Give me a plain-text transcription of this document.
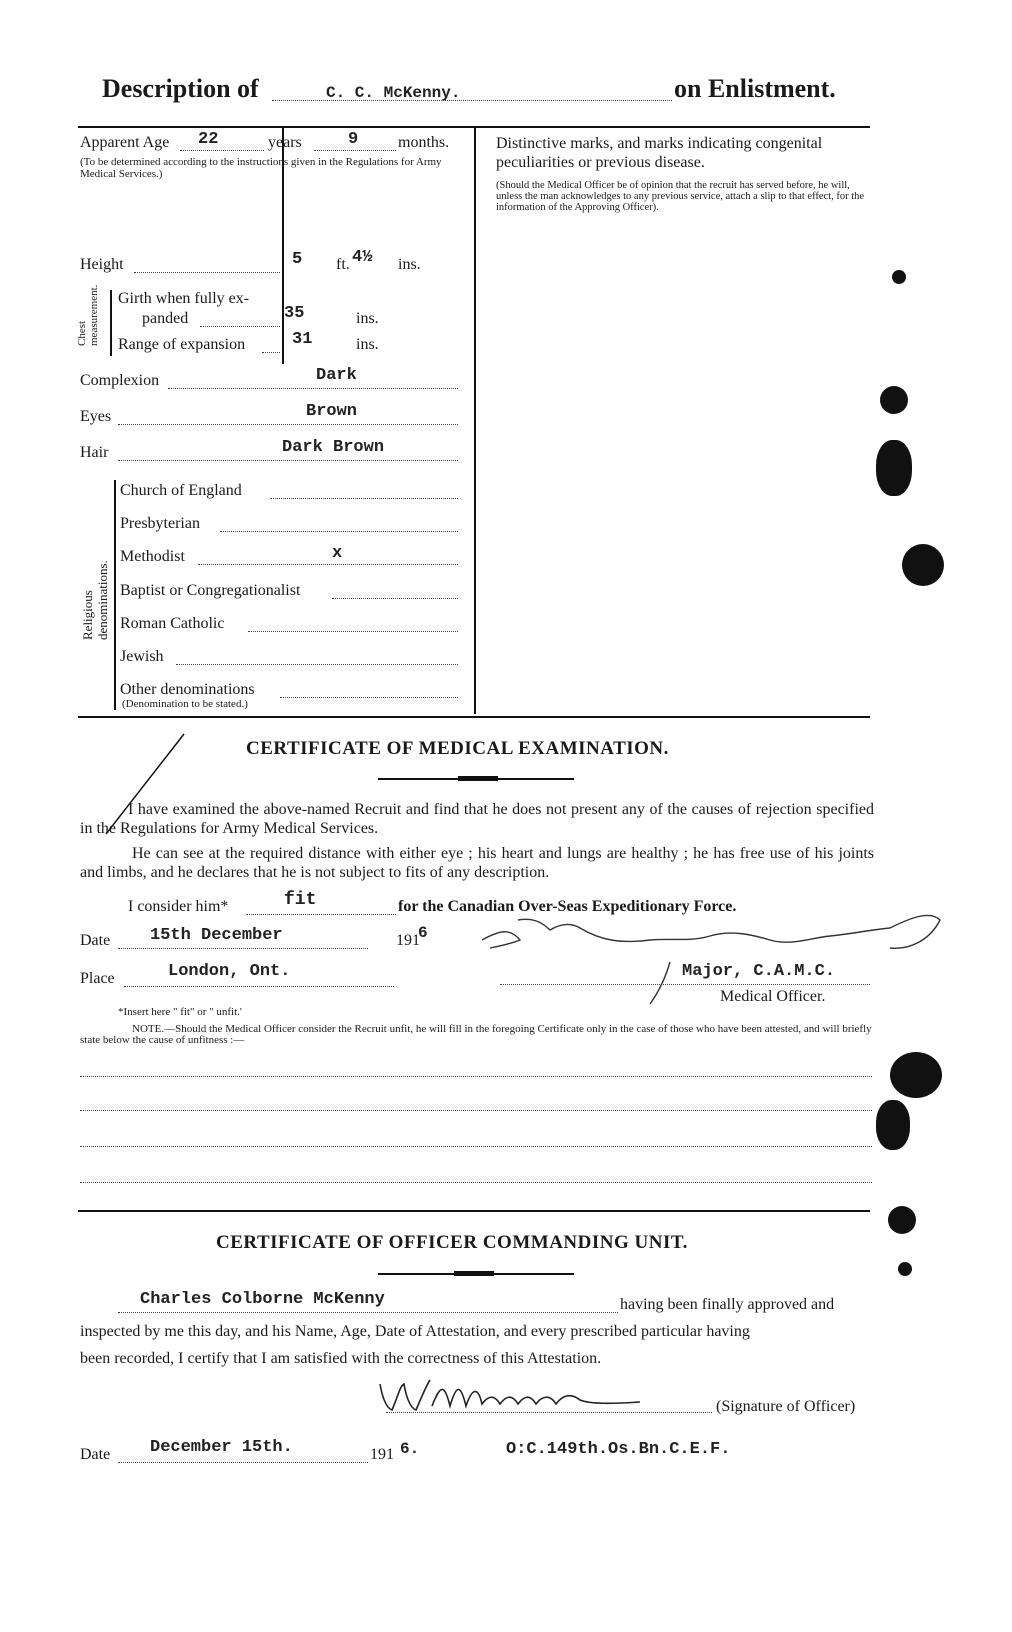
Description of	C. C. McKenny.	on Enlistment.
Apparent Age 22	years	9 months.
(To be determined according to the instructions given in the Regulations for Army Medical Services.)
Height	5 ft. 4½ ins.
Chest measurement. Girth when fully ex-
panded	35	ins.
Range of expansion	31	ins.
Complexion	Dark
Eyes	Brown
Hair	Dark Brown
Religious denominations.
Church of England
Presbyterian
Methodist	x
Baptist or Congregationalist
Roman Catholic
Jewish
Other denominations
(Denomination to be stated.)
Distinctive marks, and marks indicating congenital peculiarities or previous disease.
(Should the Medical Officer be of opinion that the recruit has served before, he will, unless the man acknowledges to any previous service, attach a slip to that effect, for the information of the Approving Officer).
CERTIFICATE OF MEDICAL EXAMINATION.
I have examined the above-named Recruit and find that he does not present any of the causes of rejection specified in the Regulations for Army Medical Services.
He can see at the required distance with either eye ; his heart and lungs are healthy ; he has free use of his joints and limbs, and he declares that he is not subject to fits of any description.
I consider him*	fit	for the Canadian Over-Seas Expeditionary Force.
Date 15th December	191
6
Place	London, Ont.	Major, C.A.M.C.
Medical Officer.
*Insert here " fit" or " unfit.'
NOTE.—Should the Medical Officer consider the Recruit unfit, he will fill in the foregoing Certificate only in the case of those who have been attested, and will briefly state below the cause of unfitness :—
CERTIFICATE OF OFFICER COMMANDING UNIT.
Charles Colborne McKenny	having been finally approved and
inspected by me this day, and his Name, Age, Date of Attestation, and every prescribed particular having
been recorded, I certify that I am satisfied with the correctness of this Attestation.
(Signature of Officer)
Date December 15th.	191 6.	O:C.149th.Os.Bn.C.E.F.
